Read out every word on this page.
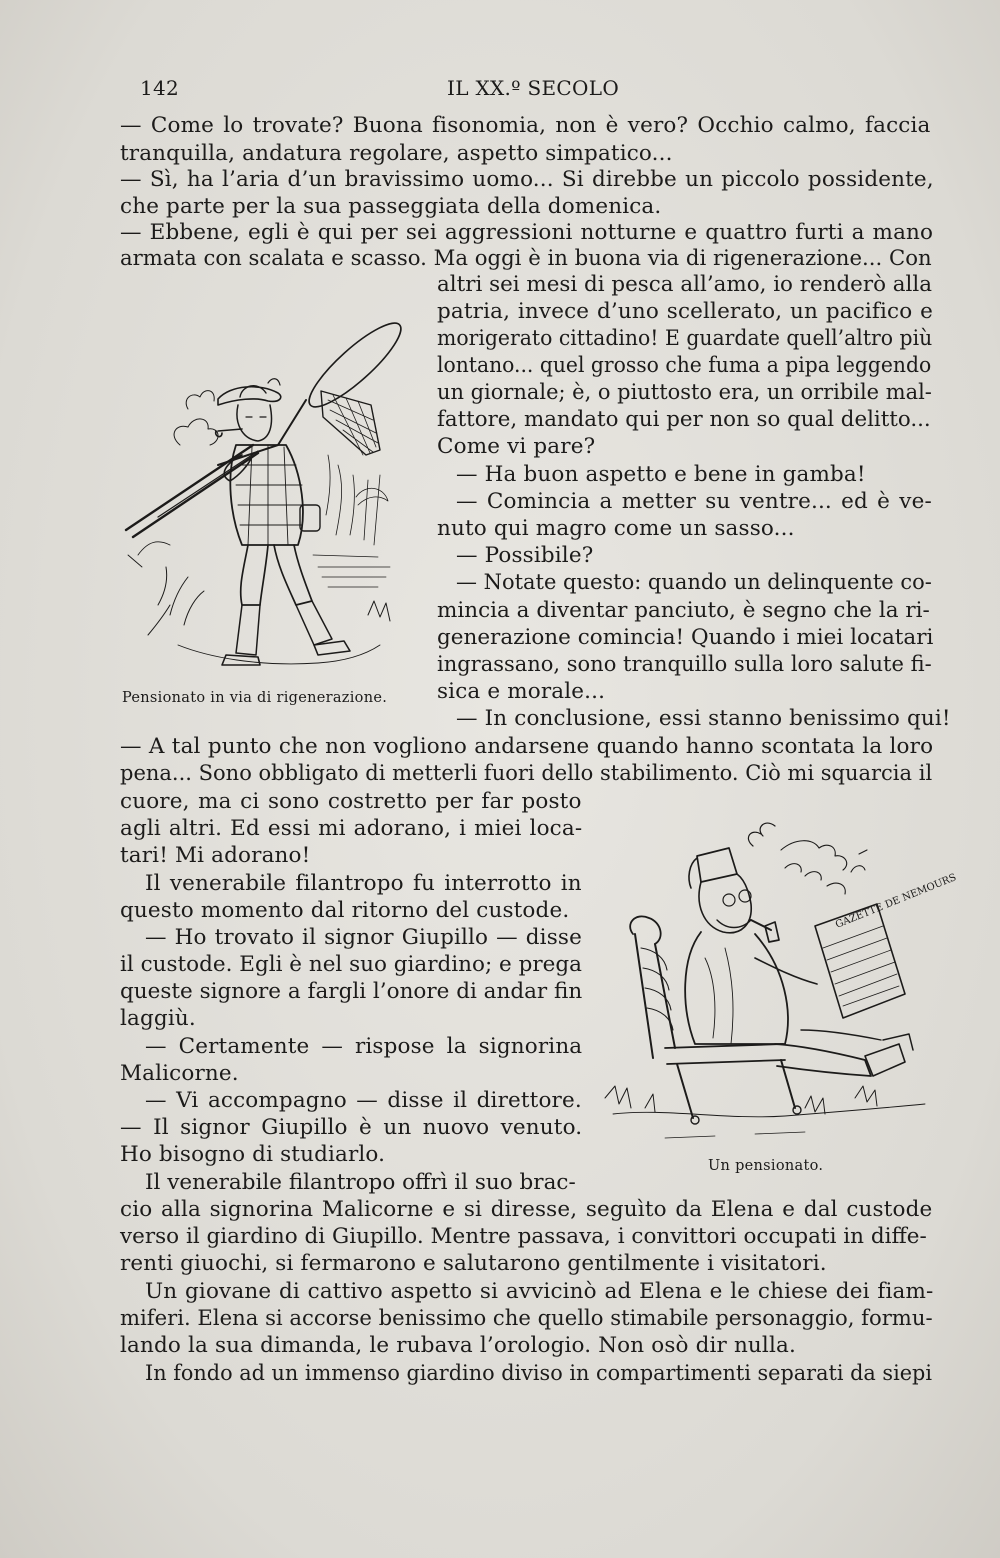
142	IL XX.º SECOLO
— Come lo trovate? Buona fisonomia, non è vero? Occhio calmo, faccia
tranquilla, andatura regolare, aspetto simpatico...
— Sì, ha l’aria d’un bravissimo uomo... Si direbbe un piccolo possidente,
che parte per la sua passeggiata della domenica.
— Ebbene, egli è qui per sei aggressioni notturne e quattro furti a mano
armata con scalata e scasso. Ma oggi è in buona via di rigenerazione... Con
altri sei mesi di pesca all’amo, io renderò alla
patria, invece d’uno scellerato, un pacifico e
morigerato cittadino! E guardate quell’altro più
lontano... quel grosso che fuma a pipa leggendo
un giornale; è, o piuttosto era, un orribile mal-
fattore, mandato qui per non so qual delitto...
Come vi pare?
— Ha buon aspetto e bene in gamba!
— Comincia a metter su ventre... ed è ve-
nuto qui magro come un sasso...
— Possibile?
— Notate questo: quando un delinquente co-
mincia a diventar panciuto, è segno che la ri-
generazione comincia! Quando i miei locatari
ingrassano, sono tranquillo sulla loro salute fi-
sica e morale...
— In conclusione, essi stanno benissimo qui!
— A tal punto che non vogliono andarsene quando hanno scontata la loro
pena... Sono obbligato di metterli fuori dello stabilimento. Ciò mi squarcia il
cuore, ma ci sono costretto per far posto
agli altri. Ed essi mi adorano, i miei loca-
tari! Mi adorano!
Il venerabile filantropo fu interrotto in
questo momento dal ritorno del custode.
— Ho trovato il signor Giupillo — disse
il custode. Egli è nel suo giardino; e prega
queste signore a fargli l’onore di andar fin
laggiù.
— Certamente — rispose la signorina
Malicorne.
— Vi accompagno — disse il direttore.
— Il signor Giupillo è un nuovo venuto.
Ho bisogno di studiarlo.
Il venerabile filantropo offrì il suo brac-
cio alla signorina Malicorne e si diresse, seguìto da Elena e dal custode
verso il giardino di Giupillo. Mentre passava, i convittori occupati in diffe-
renti giuochi, si fermarono e salutarono gentilmente i visitatori.
Un giovane di cattivo aspetto si avvicinò ad Elena e le chiese dei fiam-
miferi. Elena si accorse benissimo che quello stimabile personaggio, formu-
lando la sua dimanda, le rubava l’orologio. Non osò dir nulla.
In fondo ad un immenso giardino diviso in compartimenti separati da siepi
Pensionato in via di rigenerazione.
GAZETTE DE NEMOURS
Un pensionato.
